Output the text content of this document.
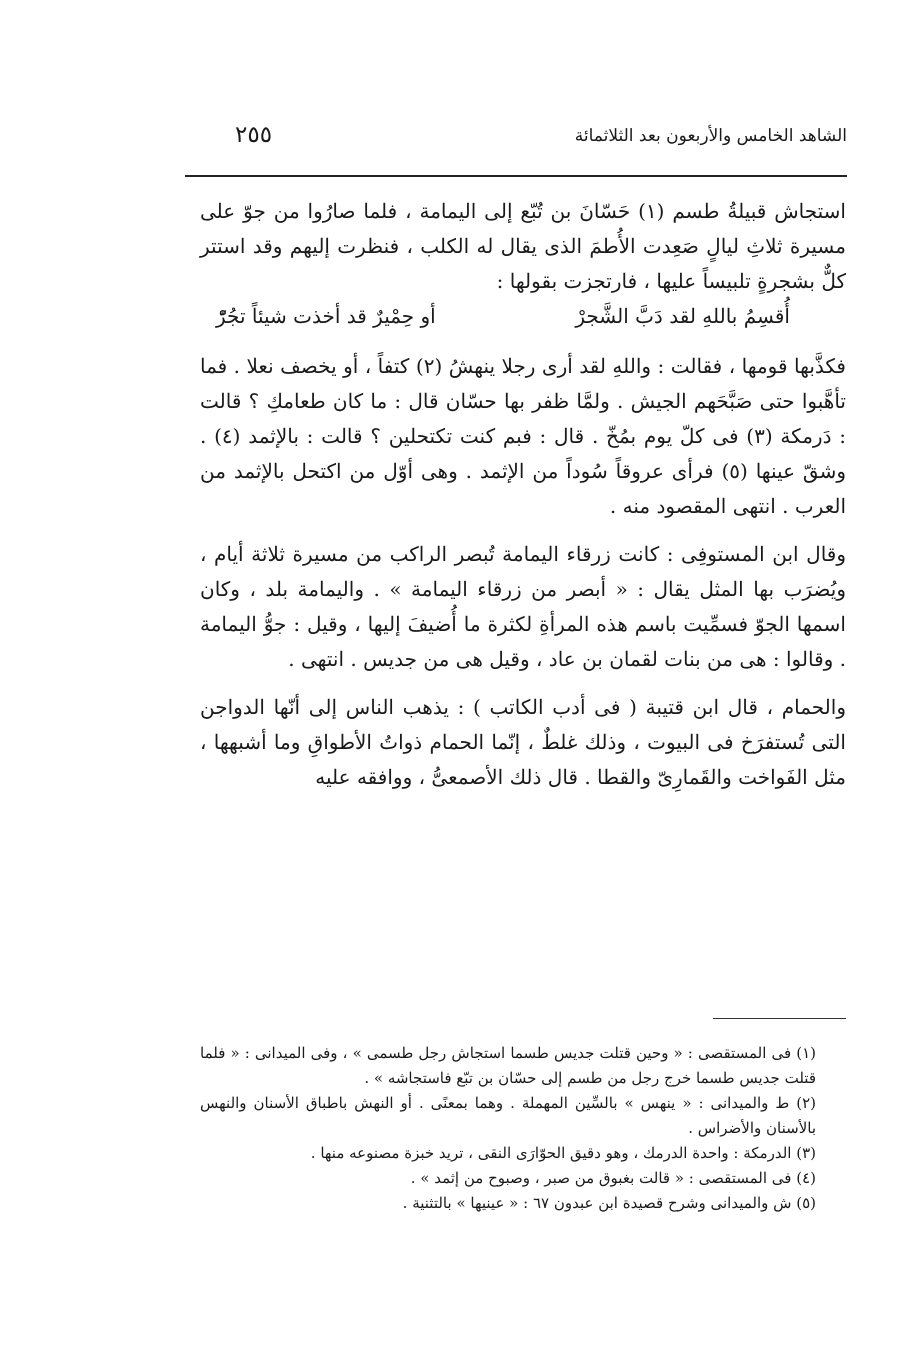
الشاهد الخامس والأربعون بعد الثلاثمائة
٢٥٥

استجاش قبيلةُ طسم (١) حَسّانَ بن تُبّع إلى اليمامة ، فلما صارُوا من جوّ على مسيرة ثلاثِ ليالٍ صَعِدت الأُطمَ الذى يقال له الكلب ، فنظرت إليهم وقد استتر كلٌّ بشجرةٍ تلبيساً عليها ، فارتجزت بقولها :

أُقسِمُ باللهِ لقد دَبَّ الشَّجرْ
أو حِمْيرٌ قد أخذت شيئاً تجُرّْ

فكذَّبها قومها ، فقالت : واللهِ لقد أرى رجلا ينهشُ (٢) كتفاً ، أو يخصف نعلا . فما تأهَّبوا حتى صَبَّحَهم الجيش . ولمَّا ظفر بها حسّان قال : ما كان طعامكِ ؟ قالت : دَرمكة (٣) فى كلّ يوم بمُخّ . قال : فبم كنت تكتحلين ؟ قالت : بالإثمد (٤) . وشقّ عينها (٥) فرأى عروقاً سُوداً من الإثمد . وهى أوّل من اكتحل بالإثمد من العرب . انتهى المقصود منه .

وقال ابن المستوفِى : كانت زرقاء اليمامة تُبصر الراكب من مسيرة ثلاثة أيام ، ويُضرَب بها المثل يقال : « أبصر من زرقاء اليمامة » . واليمامة بلد ، وكان اسمها الجوّ فسمِّيت باسم هذه المرأةِ لكثرة ما أُضيفَ إليها ، وقيل : جوُّ اليمامة . وقالوا : هى من بنات لقمان بن عاد ، وقيل هى من جديس . انتهى .

والحمام ، قال ابن قتيبة ( فى أدب الكاتب ) : يذهب الناس إلى أنّها الدواجن التى تُستفرَخ فى البيوت ، وذلك غلطٌ ، إنّما الحمام ذواتُ الأطواقِ وما أشبهها ، مثل الفَواخت والقَمارِىّ والقطا . قال ذلك الأصمعىُّ ، ووافقه عليه

(١) فى المستقصى : « وحين قتلت جديس طسما استجاش رجل طسمى » ، وفى الميدانى : « فلما قتلت جديس طسما خرج رجل من طسم إلى حسّان بن تبّع فاستجاشه » .

(٢) ط والميدانى : « ينهس » بالسِّين المهملة . وهما بمعنًى . أو النهش باطباق الأسنان والنهس بالأسنان والأضراس .

(٣) الدرمكة : واحدة الدرمك ، وهو دقيق الحوّارَى النقى ، تريد خبزة مصنوعه منها .

(٤) فى المستقصى : « قالت بغبوق من صبر ، وصبوح من إثمد » .

(٥) ش والميدانى وشرح قصيدة ابن عبدون ٦٧ : « عينيها » بالتثنية .
